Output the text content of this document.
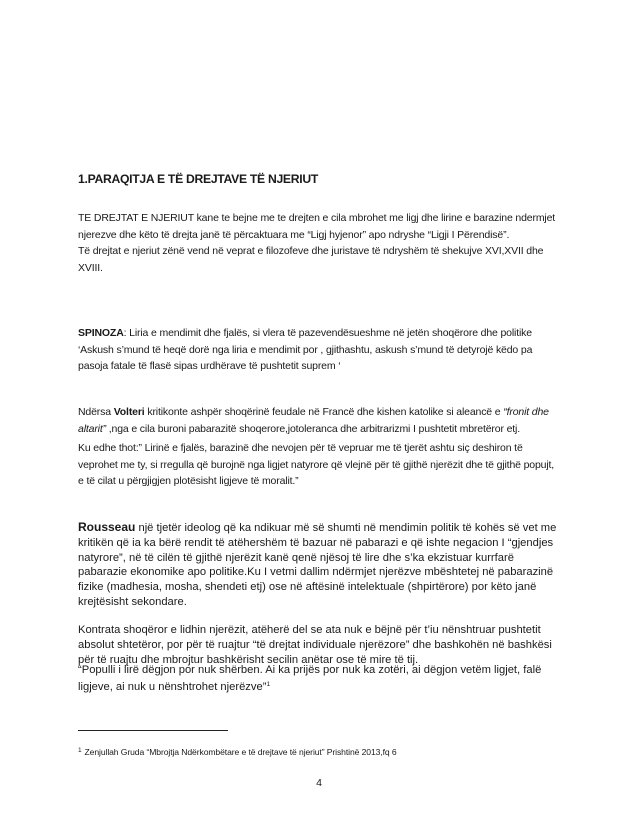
1.PARAQITJA E TË DREJTAVE TË NJERIUT

TE DREJTAT E NJERIUT kane te bejne me te drejten e cila mbrohet me ligj dhe lirine e barazine ndermjet njerezve dhe këto të drejta janë të përcaktuara me “Ligj hyjenor” apo ndryshe “Ligji I Përendisë”.

Të drejtat e njeriut zënë vend në veprat e filozofeve dhe juristave të ndryshëm të shekujve XVI,XVII dhe XVIII.

SPINOZA: Liria e mendimit dhe fjalës, si vlera të pazevendësueshme në jetën shoqërore dhe politike ‘Askush s’mund të heqë dorë nga liria e mendimit por , gjithashtu, askush s’mund të detyrojë këdo pa pasoja fatale të flasë sipas urdhërave të pushtetit suprem ‘

Ndërsa Volteri kritikonte ashpër shoqërinë feudale në Francë dhe kishen katolike si aleancë e “fronit dhe altarit” ,nga e cila buroni pabarazitë shoqerore,jotoleranca dhe arbitrarizmi I pushtetit mbretëror etj.

Ku edhe thot:” Lirinë e fjalës, barazinë dhe nevojen për të vepruar me të tjerët ashtu siç deshiron të veprohet me ty, si rregulla që burojnë nga ligjet natyrore që vlejnë për të gjithë njerëzit dhe të gjithë popujt, e të cilat u përgjigjen plotësisht ligjeve të moralit.”

Rousseau një tjetër ideolog që ka ndikuar më së shumti në mendimin politik të kohës së vet me kritikën që ia ka bërë rendit të atëhershëm të bazuar në pabarazi e që ishte negacion I “gjendjes natyrore”, në të cilën të gjithë njerëzit kanë qenë njësoj të lire dhe s’ka ekzistuar kurrfarë pabarazie ekonomike apo politike.Ku I vetmi dallim ndërmjet njerëzve mbështetej në pabarazinë fizike (madhesia, mosha, shendeti etj) ose në aftësinë intelektuale (shpirtërore) por këto janë krejtësisht sekondare.

Kontrata shoqëror e lidhin njerëzit, atëherë del se ata nuk e bëjnë për t’iu nënshtruar pushtetit absolut shtetëror, por për të ruajtur “të drejtat individuale njerëzore” dhe bashkohën në bashkësi për të ruajtu dhe mbrojtur bashkërisht secilin anëtar ose të mire të tij.

“Populli i lirë dëgjon por nuk shërben. Ai ka prijës por nuk ka zotëri, ai dëgjon vetëm ligjet, falë ligjeve, ai nuk u nënshtrohet njerëzve”$^1$

$^1$ Zenjullah Gruda “Mbrojtja Ndërkombëtare e të drejtave të njeriut” Prishtinë 2013,fq 6

4
